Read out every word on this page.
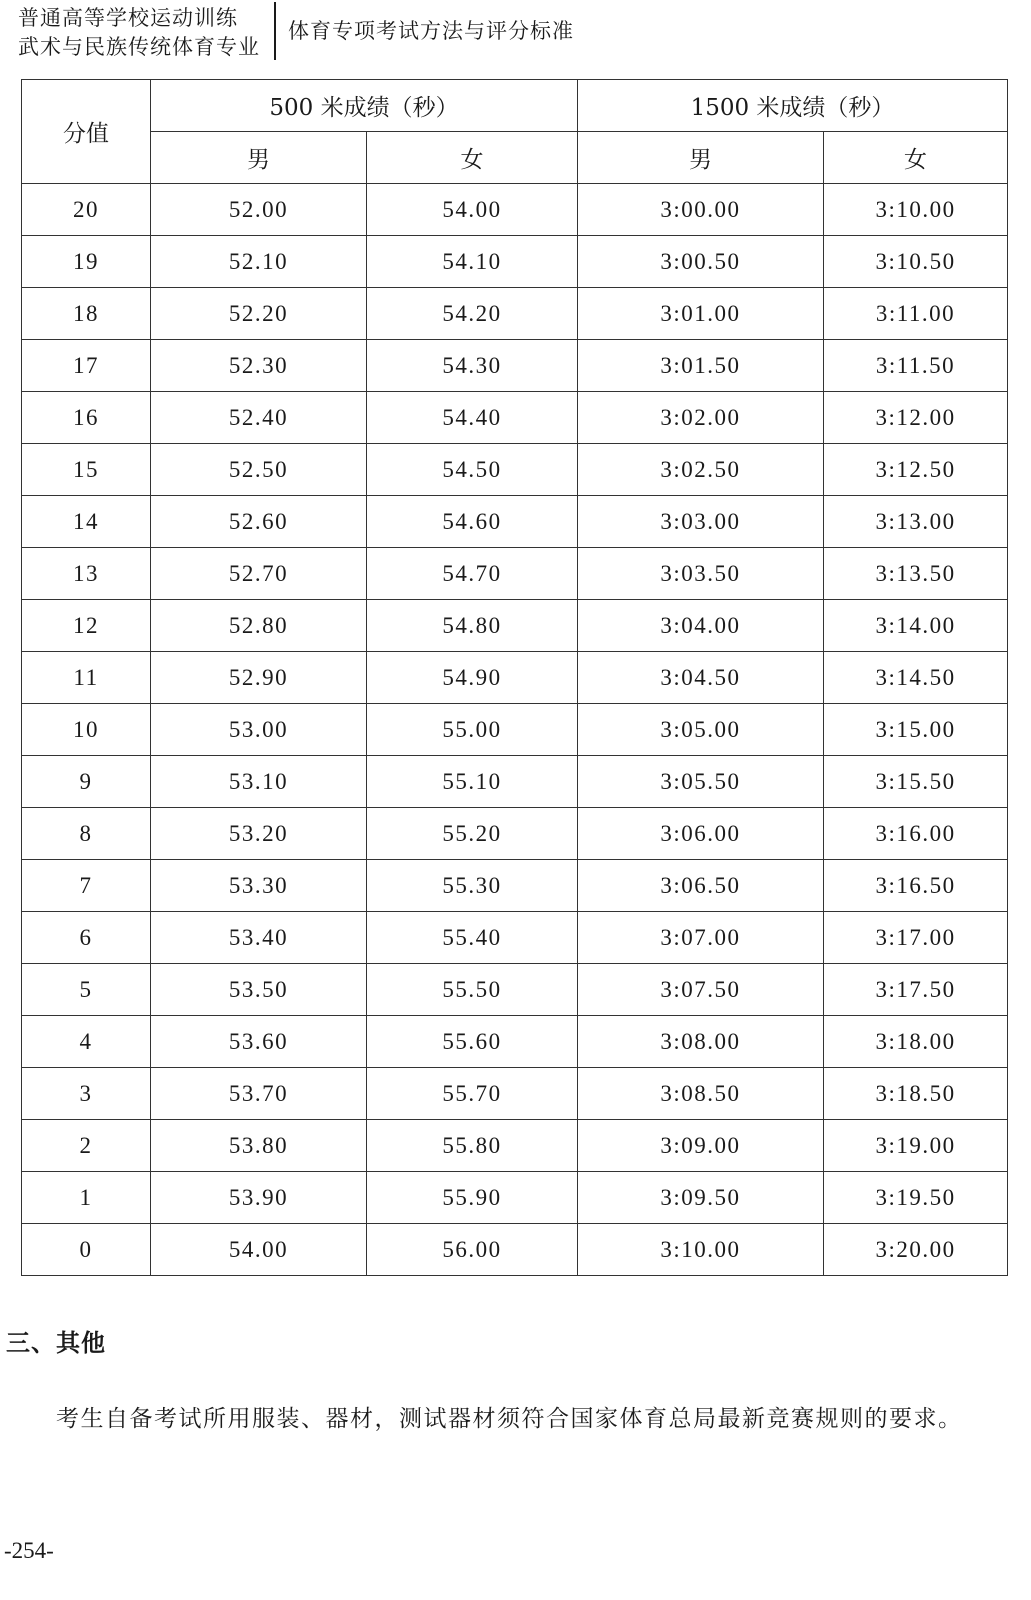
普通高等学校运动训练
武术与民族传统体育专业
体育专项考试方法与评分标准
分值	500 米成绩（秒）		1500 米成绩（秒）	
	男	女	男	女
20	52.00	54.00	3:00.00	3:10.00
19	52.10	54.10	3:00.50	3:10.50
18	52.20	54.20	3:01.00	3:11.00
17	52.30	54.30	3:01.50	3:11.50
16	52.40	54.40	3:02.00	3:12.00
15	52.50	54.50	3:02.50	3:12.50
14	52.60	54.60	3:03.00	3:13.00
13	52.70	54.70	3:03.50	3:13.50
12	52.80	54.80	3:04.00	3:14.00
11	52.90	54.90	3:04.50	3:14.50
10	53.00	55.00	3:05.00	3:15.00
9	53.10	55.10	3:05.50	3:15.50
8	53.20	55.20	3:06.00	3:16.00
7	53.30	55.30	3:06.50	3:16.50
6	53.40	55.40	3:07.00	3:17.00
5	53.50	55.50	3:07.50	3:17.50
4	53.60	55.60	3:08.00	3:18.00
3	53.70	55.70	3:08.50	3:18.50
2	53.80	55.80	3:09.00	3:19.00
1	53.90	55.90	3:09.50	3:19.50
0	54.00	56.00	3:10.00	3:20.00
三、其他
考生自备考试所用服装、器材，测试器材须符合国家体育总局最新竞赛规则的要求。
-254-
